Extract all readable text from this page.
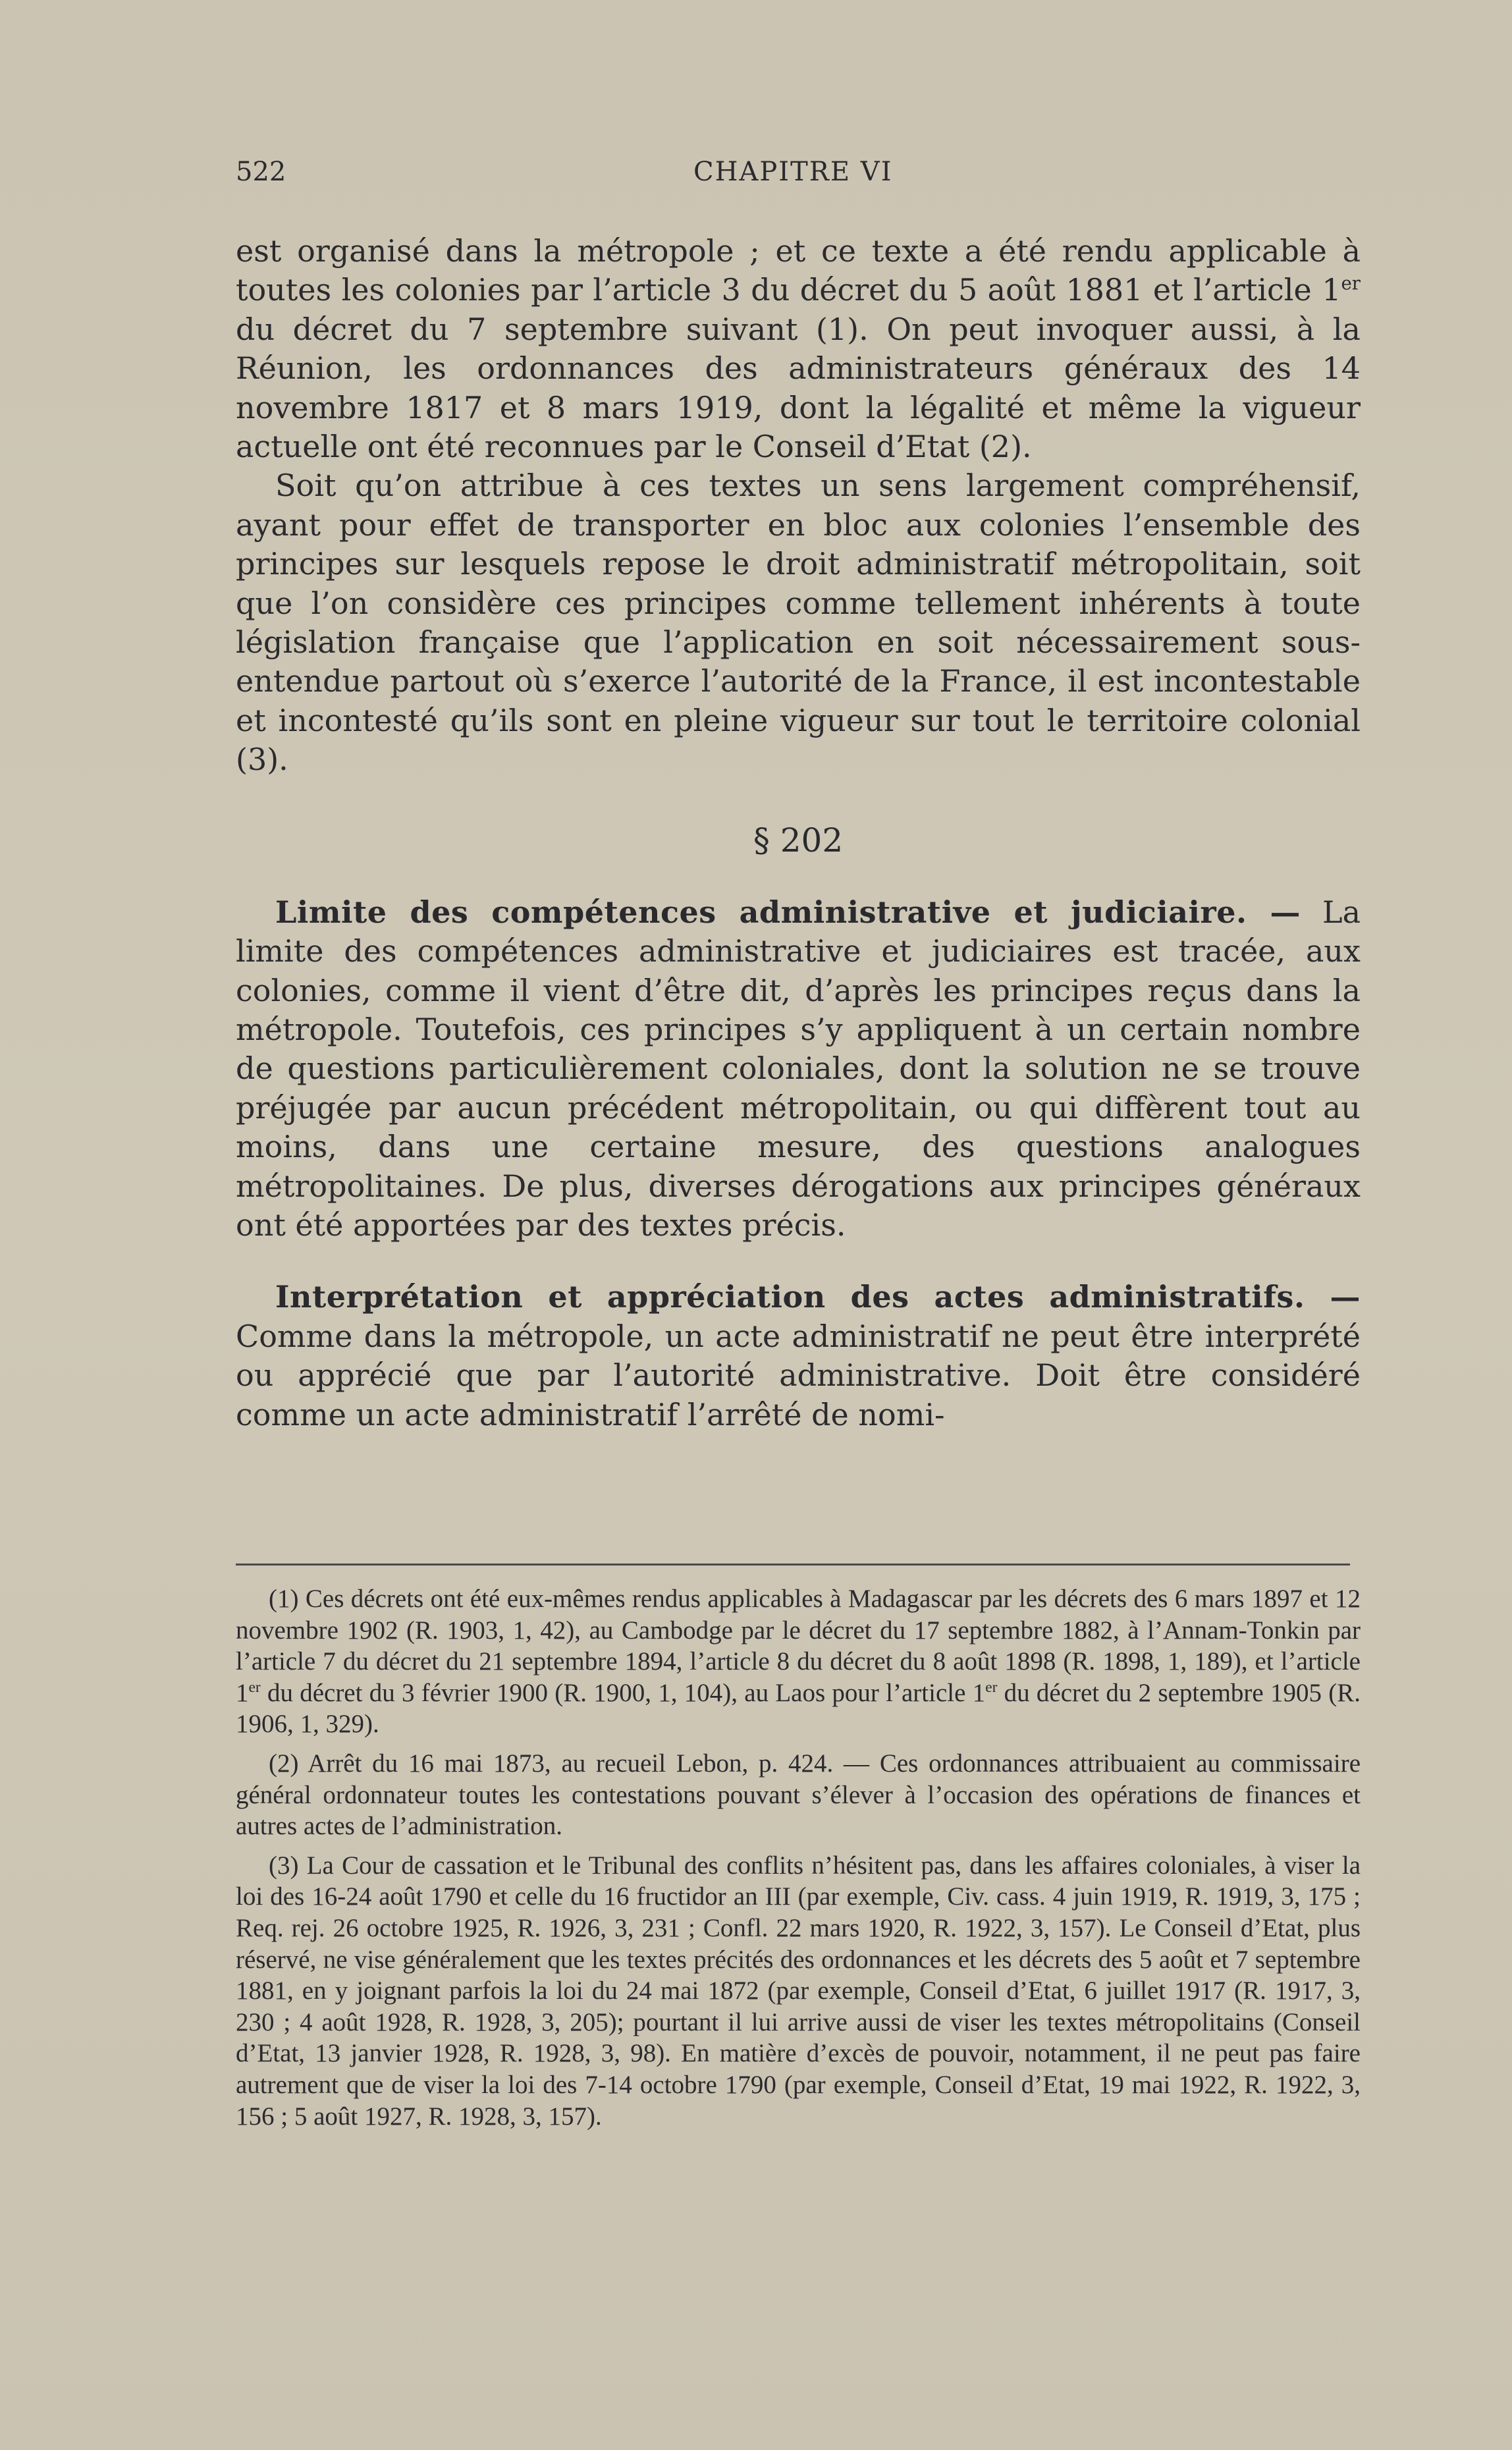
522	CHAPITRE VI

est organisé dans la métropole ; et ce texte a été rendu applicable à toutes les colonies par l’article 3 du décret du 5 août 1881 et l’article 1er du décret du 7 septembre suivant (1). On peut invoquer aussi, à la Réunion, les ordonnances des administrateurs généraux des 14 novembre 1817 et 8 mars 1919, dont la légalité et même la vigueur actuelle ont été reconnues par le Conseil d’Etat (2).

Soit qu’on attribue à ces textes un sens largement compréhensif, ayant pour effet de transporter en bloc aux colonies l’ensemble des principes sur lesquels repose le droit administratif métropolitain, soit que l’on considère ces principes comme tellement inhérents à toute législation française que l’application en soit nécessairement sous-entendue partout où s’exerce l’autorité de la France, il est incontestable et incontesté qu’ils sont en pleine vigueur sur tout le territoire colonial (3).

§ 202

Limite des compétences administrative et judiciaire. — La limite des compétences administrative et judiciaires est tracée, aux colonies, comme il vient d’être dit, d’après les principes reçus dans la métropole. Toutefois, ces principes s’y appliquent à un certain nombre de questions particulièrement coloniales, dont la solution ne se trouve préjugée par aucun précédent métropolitain, ou qui diffèrent tout au moins, dans une certaine mesure, des questions analogues métropolitaines. De plus, diverses dérogations aux principes généraux ont été apportées par des textes précis.

Interprétation et appréciation des actes administratifs. — Comme dans la métropole, un acte administratif ne peut être interprété ou apprécié que par l’autorité administrative. Doit être considéré comme un acte administratif l’arrêté de nomi-

(1) Ces décrets ont été eux-mêmes rendus applicables à Madagascar par les décrets des 6 mars 1897 et 12 novembre 1902 (R. 1903, 1, 42), au Cambodge par le décret du 17 septembre 1882, à l’Annam-Tonkin par l’article 7 du décret du 21 septembre 1894, l’article 8 du décret du 8 août 1898 (R. 1898, 1, 189), et l’article 1er du décret du 3 février 1900 (R. 1900, 1, 104), au Laos pour l’article 1er du décret du 2 septembre 1905 (R. 1906, 1, 329).

(2) Arrêt du 16 mai 1873, au recueil Lebon, p. 424. — Ces ordonnances attribuaient au commissaire général ordonnateur toutes les contestations pouvant s’élever à l’occasion des opérations de finances et autres actes de l’administration.

(3) La Cour de cassation et le Tribunal des conflits n’hésitent pas, dans les affaires coloniales, à viser la loi des 16-24 août 1790 et celle du 16 fructidor an III (par exemple, Civ. cass. 4 juin 1919, R. 1919, 3, 175 ; Req. rej. 26 octobre 1925, R. 1926, 3, 231 ; Confl. 22 mars 1920, R. 1922, 3, 157). Le Conseil d’Etat, plus réservé, ne vise généralement que les textes précités des ordonnances et les décrets des 5 août et 7 septembre 1881, en y joignant parfois la loi du 24 mai 1872 (par exemple, Conseil d’Etat, 6 juillet 1917 (R. 1917, 3, 230 ; 4 août 1928, R. 1928, 3, 205); pourtant il lui arrive aussi de viser les textes métropolitains (Conseil d’Etat, 13 janvier 1928, R. 1928, 3, 98). En matière d’excès de pouvoir, notamment, il ne peut pas faire autrement que de viser la loi des 7-14 octobre 1790 (par exemple, Conseil d’Etat, 19 mai 1922, R. 1922, 3, 156 ; 5 août 1927, R. 1928, 3, 157).
